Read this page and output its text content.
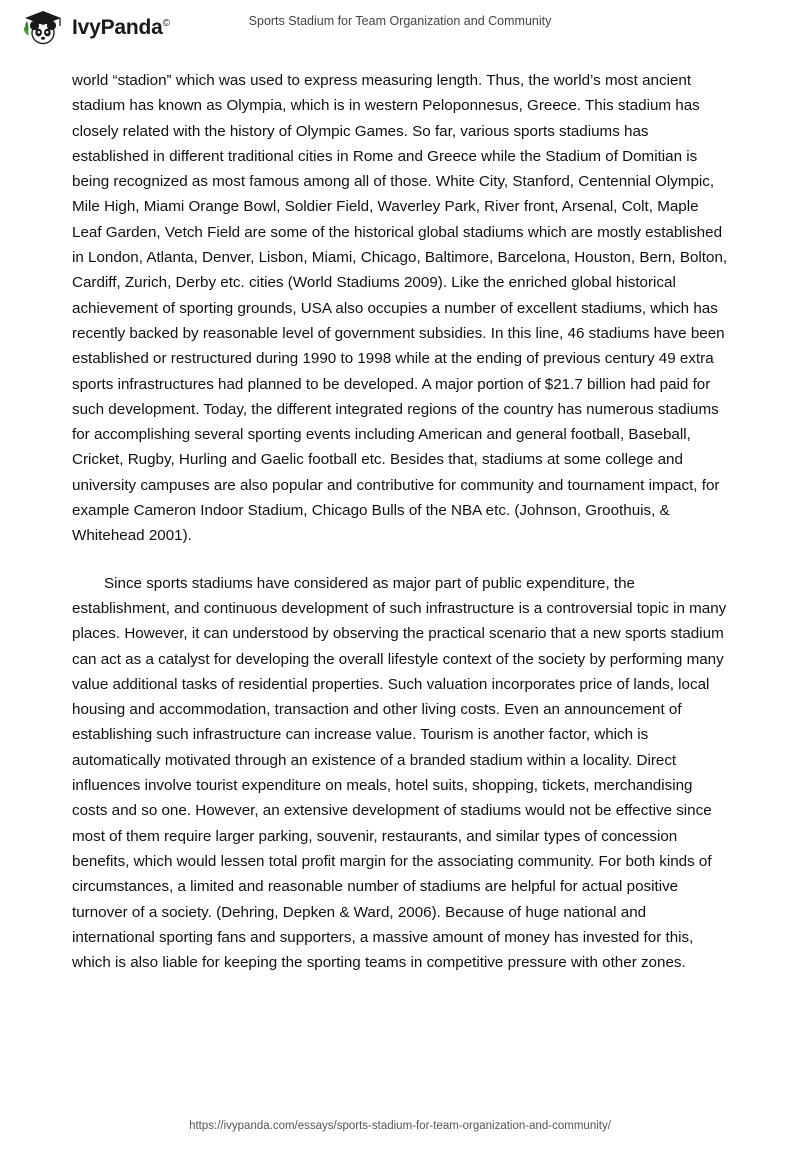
IvyPanda©	Sports Stadium for Team Organization and Community

world “stadion” which was used to express measuring length. Thus, the world’s most ancient stadium has known as Olympia, which is in western Peloponnesus, Greece. This stadium has closely related with the history of Olympic Games. So far, various sports stadiums has established in different traditional cities in Rome and Greece while the Stadium of Domitian is being recognized as most famous among all of those. White City, Stanford, Centennial Olympic, Mile High, Miami Orange Bowl, Soldier Field, Waverley Park, River front, Arsenal, Colt, Maple Leaf Garden, Vetch Field are some of the historical global stadiums which are mostly established in London, Atlanta, Denver, Lisbon, Miami, Chicago, Baltimore, Barcelona, Houston, Bern, Bolton, Cardiff, Zurich, Derby etc. cities (World Stadiums 2009). Like the enriched global historical achievement of sporting grounds, USA also occupies a number of excellent stadiums, which has recently backed by reasonable level of government subsidies. In this line, 46 stadiums have been established or restructured during 1990 to 1998 while at the ending of previous century 49 extra sports infrastructures had planned to be developed. A major portion of $21.7 billion had paid for such development. Today, the different integrated regions of the country has numerous stadiums for accomplishing several sporting events including American and general football, Baseball, Cricket, Rugby, Hurling and Gaelic football etc. Besides that, stadiums at some college and university campuses are also popular and contributive for community and tournament impact, for example Cameron Indoor Stadium, Chicago Bulls of the NBA etc. (Johnson, Groothuis, & Whitehead 2001).

Since sports stadiums have considered as major part of public expenditure, the establishment, and continuous development of such infrastructure is a controversial topic in many places. However, it can understood by observing the practical scenario that a new sports stadium can act as a catalyst for developing the overall lifestyle context of the society by performing many value additional tasks of residential properties. Such valuation incorporates price of lands, local housing and accommodation, transaction and other living costs. Even an announcement of establishing such infrastructure can increase value. Tourism is another factor, which is automatically motivated through an existence of a branded stadium within a locality. Direct influences involve tourist expenditure on meals, hotel suits, shopping, tickets, merchandising costs and so one. However, an extensive development of stadiums would not be effective since most of them require larger parking, souvenir, restaurants, and similar types of concession benefits, which would lessen total profit margin for the associating community. For both kinds of circumstances, a limited and reasonable number of stadiums are helpful for actual positive turnover of a society. (Dehring, Depken & Ward, 2006). Because of huge national and international sporting fans and supporters, a massive amount of money has invested for this, which is also liable for keeping the sporting teams in competitive pressure with other zones.

https://ivypanda.com/essays/sports-stadium-for-team-organization-and-community/
